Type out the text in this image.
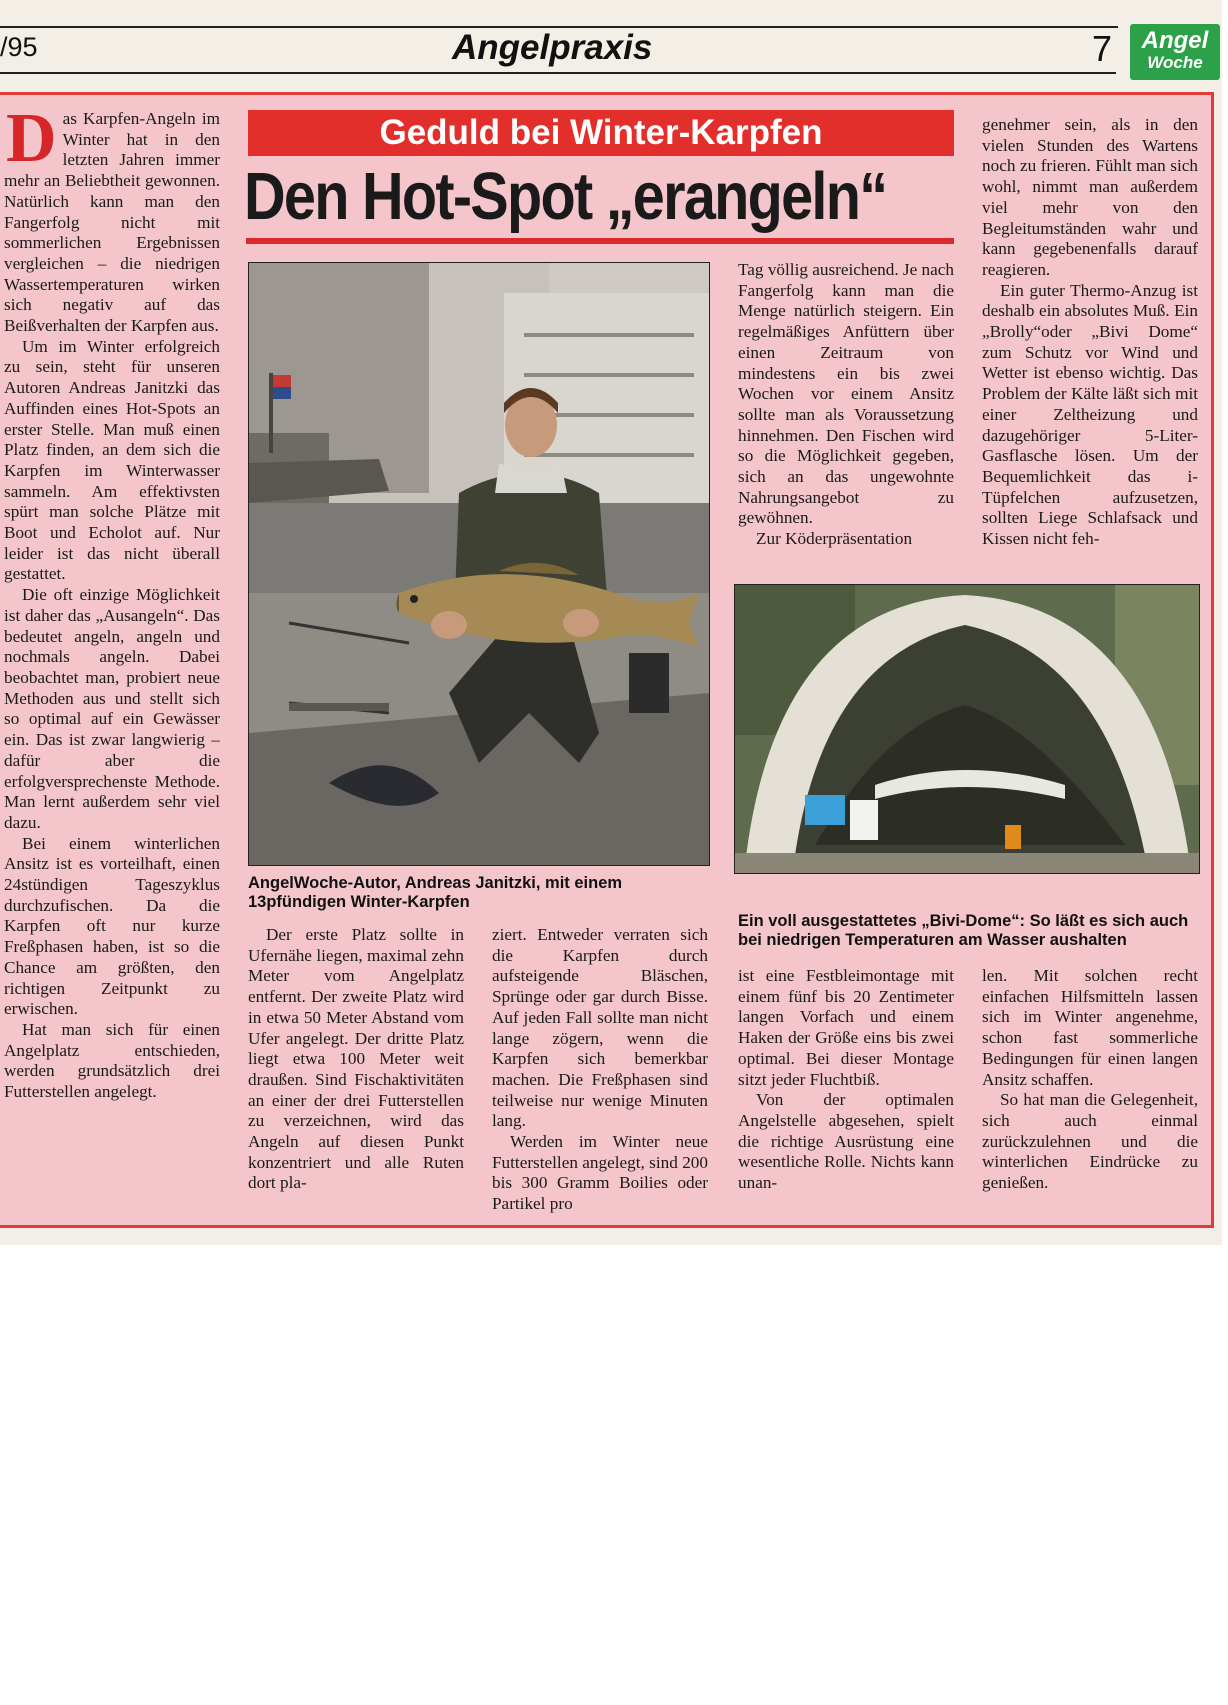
/95	Angelpraxis	7	Angel
Woche

Das Karpfen-Angeln im Winter hat in den letzten Jahren immer mehr an Beliebtheit gewonnen. Natürlich kann man den Fangerfolg nicht mit sommerlichen Ergebnissen vergleichen – die niedrigen Wassertemperaturen wirken sich negativ auf das Beißverhalten der Karpfen aus.

Um im Winter erfolgreich zu sein, steht für unseren Autoren Andreas Janitzki das Auffinden eines Hot-Spots an erster Stelle. Man muß einen Platz finden, an dem sich die Karpfen im Winterwasser sammeln. Am effektivsten spürt man solche Plätze mit Boot und Echolot auf. Nur leider ist das nicht überall gestattet.

Die oft einzige Möglichkeit ist daher das „Ausangeln“. Das bedeutet angeln, angeln und nochmals angeln. Dabei beobachtet man, probiert neue Methoden aus und stellt sich so optimal auf ein Gewässer ein. Das ist zwar langwierig – dafür aber die erfolgversprechenste Methode. Man lernt außerdem sehr viel dazu.

Bei einem winterlichen Ansitz ist es vorteilhaft, einen 24stündigen Tageszyklus durchzufischen. Da die Karpfen oft nur kurze Freßphasen haben, ist so die Chance am größten, den richtigen Zeitpunkt zu erwischen.

Hat man sich für einen Angelplatz entschieden, werden grundsätzlich drei Futterstellen angelegt.

Geduld bei Winter-Karpfen
Den Hot-Spot „erangeln“
AngelWoche-Autor, Andreas Janitzki, mit einem 13pfündigen Winter-Karpfen

Der erste Platz sollte in Ufernähe liegen, maximal zehn Meter vom Angelplatz entfernt. Der zweite Platz wird in etwa 50 Meter Abstand vom Ufer angelegt. Der dritte Platz liegt etwa 100 Meter weit draußen. Sind Fischaktivitäten an einer der drei Futterstellen zu verzeichnen, wird das Angeln auf diesen Punkt konzentriert und alle Ruten dort pla-

ziert. Entweder verraten sich die Karpfen durch aufsteigende Bläschen, Sprünge oder gar durch Bisse. Auf jeden Fall sollte man nicht lange zögern, wenn die Karpfen sich bemerkbar machen. Die Freßphasen sind teilweise nur wenige Minuten lang.

Werden im Winter neue Futterstellen angelegt, sind 200 bis 300 Gramm Boilies oder Partikel pro

Tag völlig ausreichend. Je nach Fangerfolg kann man die Menge natürlich steigern. Ein regelmäßiges Anfüttern über einen Zeitraum von mindestens ein bis zwei Wochen vor einem Ansitz sollte man als Voraussetzung hinnehmen. Den Fischen wird so die Möglichkeit gegeben, sich an das ungewohnte Nahrungsangebot zu gewöhnen.

Zur Köderpräsentation

genehmer sein, als in den vielen Stunden des Wartens noch zu frieren. Fühlt man sich wohl, nimmt man außerdem viel mehr von den Begleitumständen wahr und kann gegebenenfalls darauf reagieren.

Ein guter Thermo-Anzug ist deshalb ein absolutes Muß. Ein „Brolly“oder „Bivi Dome“ zum Schutz vor Wind und Wetter ist ebenso wichtig. Das Problem der Kälte läßt sich mit einer Zeltheizung und dazugehöriger 5-Liter-Gasflasche lösen. Um der Bequemlichkeit das i-Tüpfelchen aufzusetzen, sollten Liege Schlafsack und Kissen nicht feh-

Ein voll ausgestattetes „Bivi-Dome“: So läßt es sich auch bei niedrigen Temperaturen am Wasser aushalten

ist eine Festbleimontage mit einem fünf bis 20 Zentimeter langen Vorfach und einem Haken der Größe eins bis zwei optimal. Bei dieser Montage sitzt jeder Fluchtbiß.

Von der optimalen Angelstelle abgesehen, spielt die richtige Ausrüstung eine wesentliche Rolle. Nichts kann unan-

len. Mit solchen recht einfachen Hilfsmitteln lassen sich im Winter angenehme, schon fast sommerliche Bedingungen für einen langen Ansitz schaffen.

So hat man die Gelegenheit, sich auch einmal zurückzulehnen und die winterlichen Eindrücke zu genießen.
